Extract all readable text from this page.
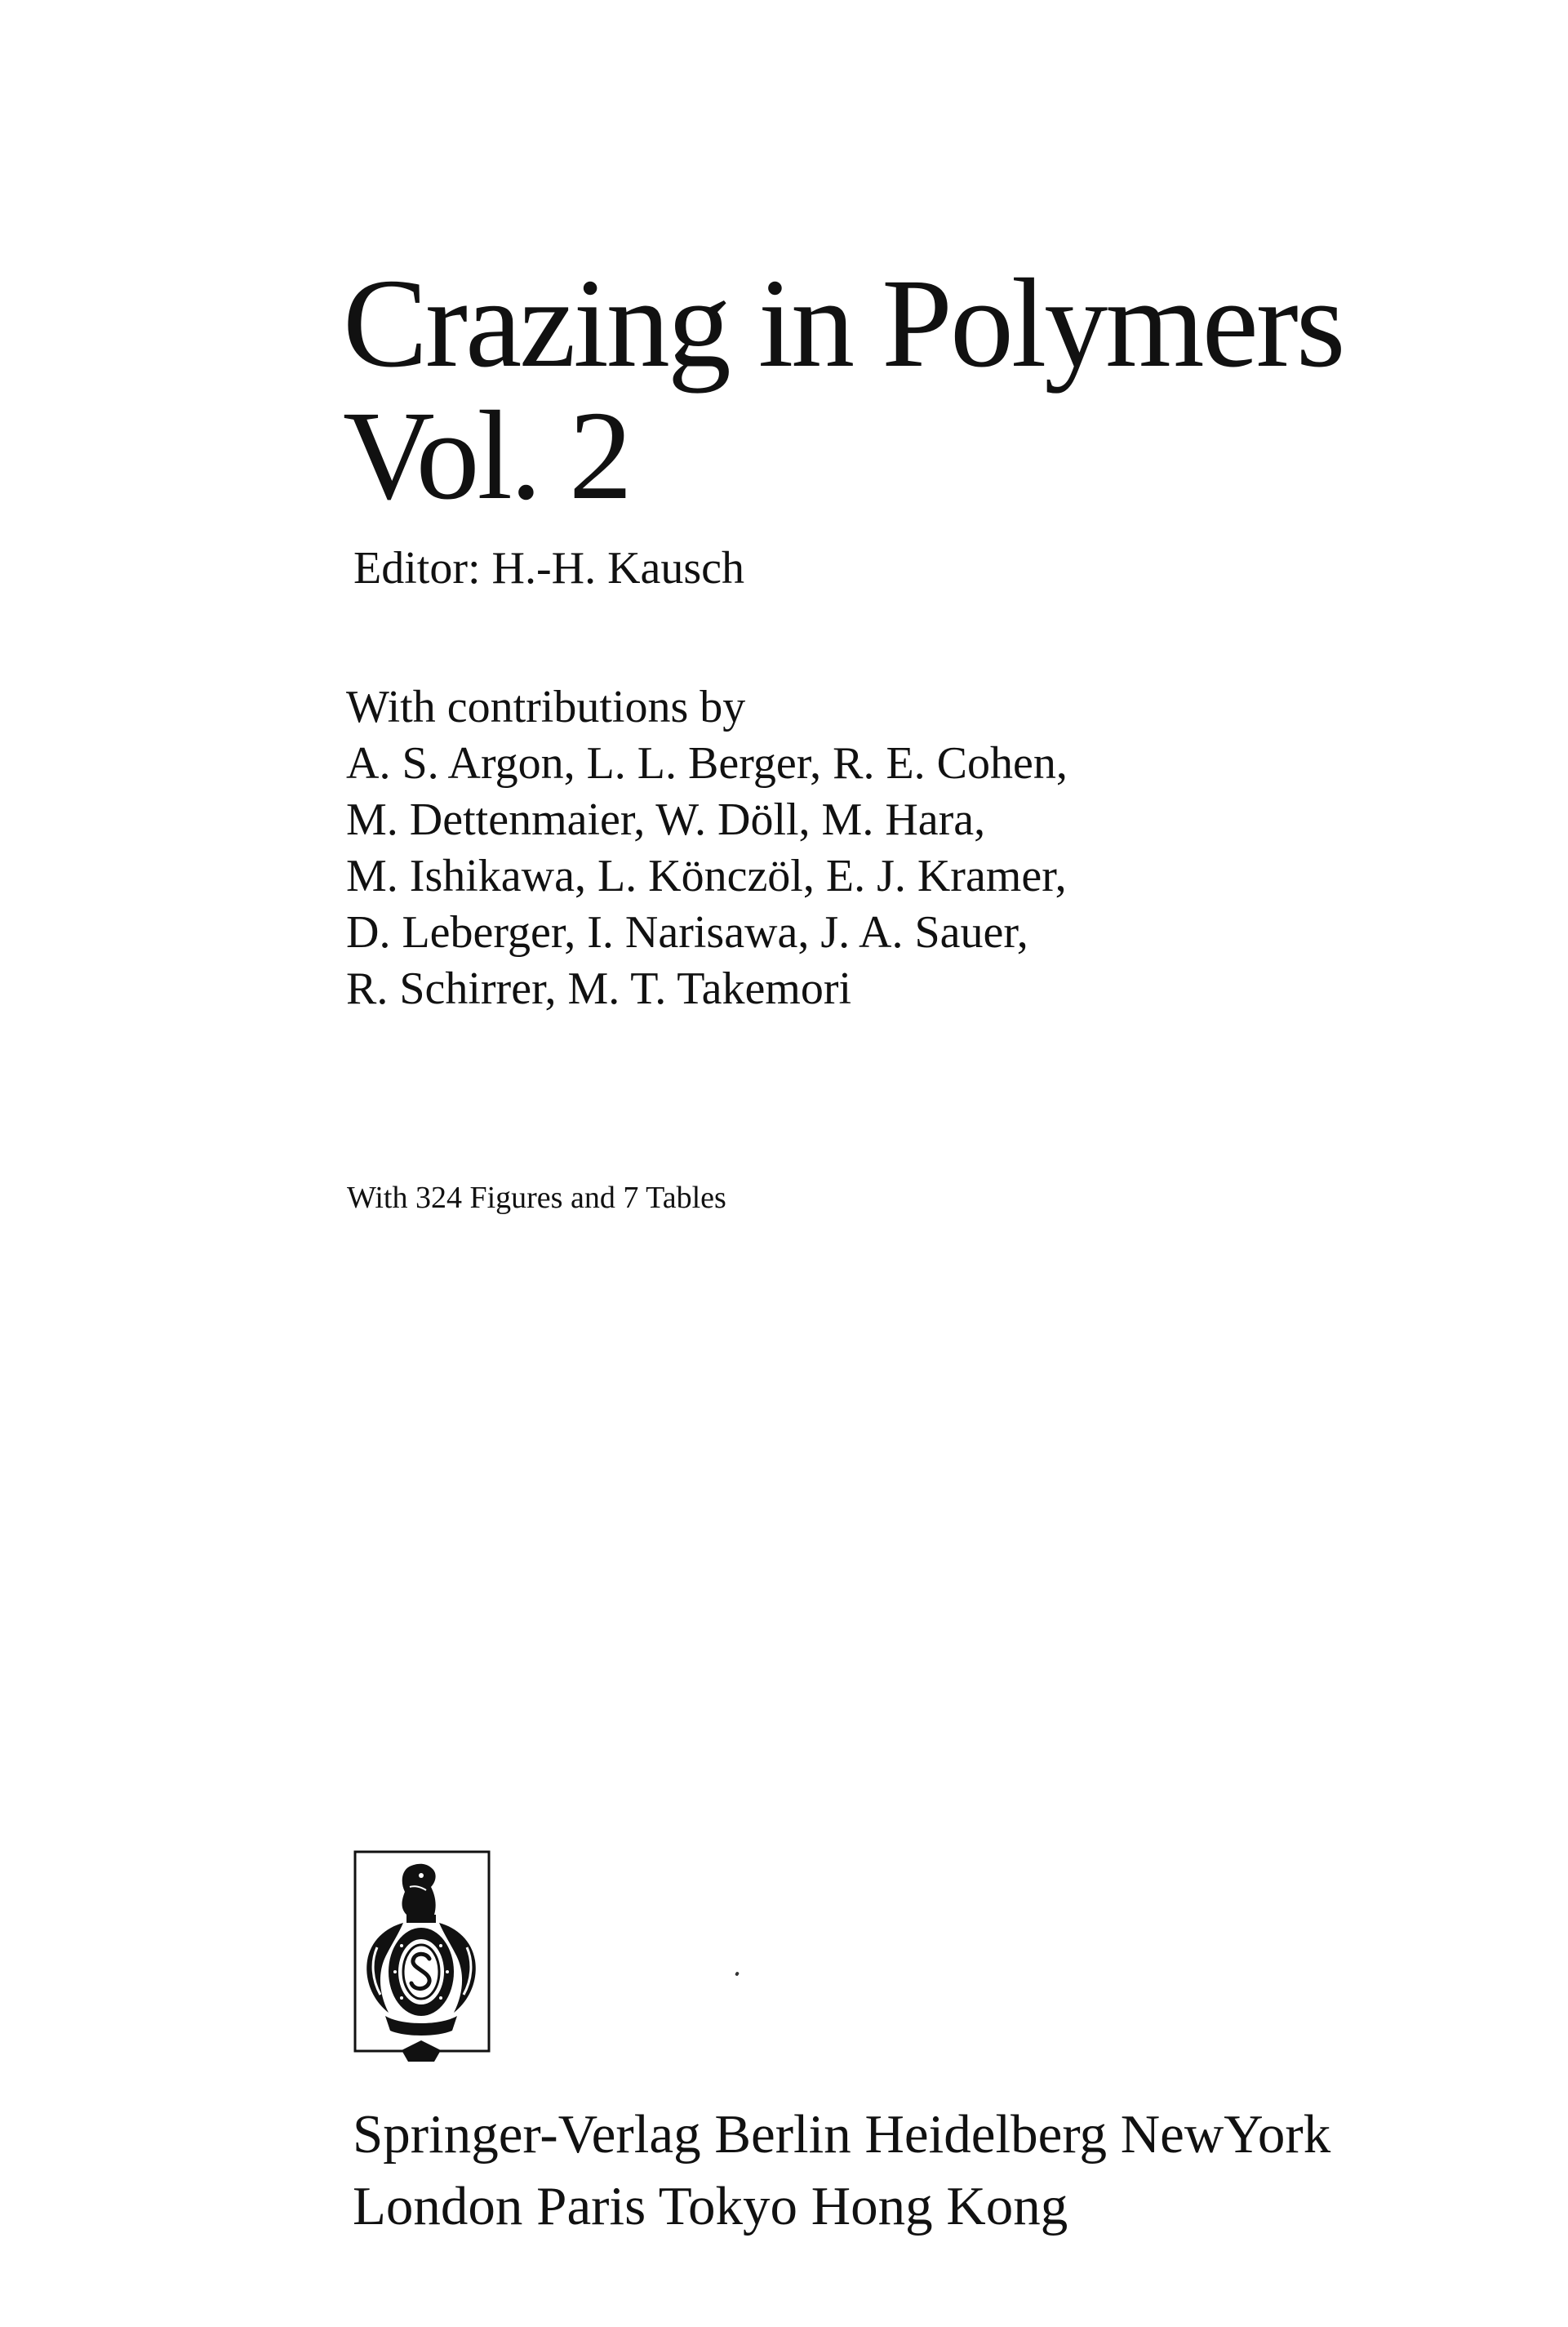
Crazing in Polymers
Vol. 2
Editor: H.-H. Kausch
With contributions by
A. S. Argon, L. L. Berger, R. E. Cohen,
M. Dettenmaier, W. Döll, M. Hara,
M. Ishikawa, L. Könczöl, E. J. Kramer,
D. Leberger, I. Narisawa, J. A. Sauer,
R. Schirrer, M. T. Takemori
With 324 Figures and 7 Tables
Springer-Verlag Berlin Heidelberg NewYork
London Paris Tokyo Hong Kong
